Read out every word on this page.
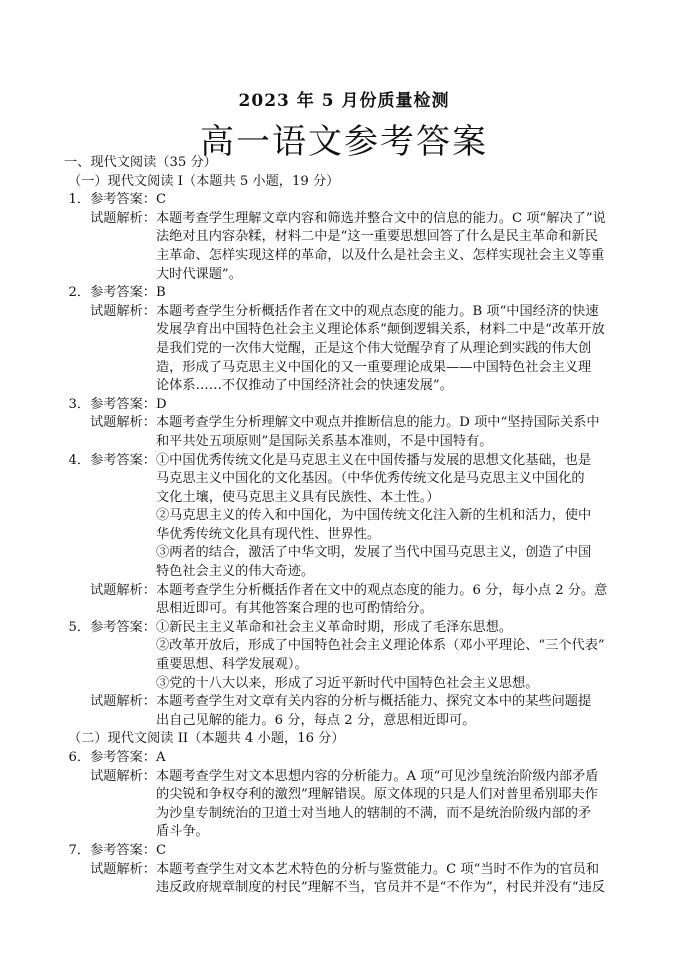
2023 年 5 月份质量检测
高一语文参考答案
一、现代文阅读（35 分）
（一）现代文阅读 I（本题共 5 小题，19 分）
1．参考答案： C

试题解析： 本题考查学生理解文章内容和筛选并整合文中的信息的能力。C 项“解决了”说

法绝对且内容杂糅，材料二中是“这一重要思想回答了什么是民主革命和新民

主革命、怎样实现这样的革命，以及什么是社会主义、怎样实现社会主义等重

大时代课题”。

2．参考答案： B

试题解析： 本题考查学生分析概括作者在文中的观点态度的能力。B 项“中国经济的快速

发展孕育出中国特色社会主义理论体系”颠倒逻辑关系，材料二中是“改革开放

是我们党的一次伟大觉醒，正是这个伟大觉醒孕育了从理论到实践的伟大创

造，形成了马克思主义中国化的又一重要理论成果——中国特色社会主义理

论体系……不仅推动了中国经济社会的快速发展”。

3．参考答案： D

试题解析： 本题考查学生分析理解文中观点并推断信息的能力。D 项中“坚持国际关系中

和平共处五项原则”是国际关系基本准则，不是中国特有。

4．参考答案： ①中国优秀传统文化是马克思主义在中国传播与发展的思想文化基础，也是

马克思主义中国化的文化基因。（中华优秀传统文化是马克思主义中国化的

文化土壤，使马克思主义具有民族性、本土性。）

②马克思主义的传入和中国化，为中国传统文化注入新的生机和活力，使中

华优秀传统文化具有现代性、世界性。

③两者的结合，激活了中华文明，发展了当代中国马克思主义，创造了中国

特色社会主义的伟大奇迹。

试题解析： 本题考查学生分析概括作者在文中的观点态度的能力。6 分，每小点 2 分。意

思相近即可。有其他答案合理的也可酌情给分。

5．参考答案： ①新民主主义革命和社会主义革命时期，形成了毛泽东思想。

②改革开放后，形成了中国特色社会主义理论体系（邓小平理论、“三个代表”

重要思想、科学发展观）。

③党的十八大以来，形成了习近平新时代中国特色社会主义思想。

试题解析： 本题考查学生对文章有关内容的分析与概括能力、探究文本中的某些问题提

出自己见解的能力。6 分，每点 2 分，意思相近即可。

（二）现代文阅读 II（本题共 4 小题，16 分）
6．参考答案： A

试题解析： 本题考查学生对文本思想内容的分析能力。A 项“可见沙皇统治阶级内部矛盾

的尖锐和争权夺利的激烈”理解错误。原文体现的只是人们对普里希别耶夫作

为沙皇专制统治的卫道士对当地人的辖制的不满，而不是统治阶级内部的矛

盾斗争。

7．参考答案： C

试题解析： 本题考查学生对文本艺术特色的分析与鉴赏能力。C 项“当时不作为的官员和

违反政府规章制度的村民”理解不当，官员并不是“不作为”，村民并没有“违反
